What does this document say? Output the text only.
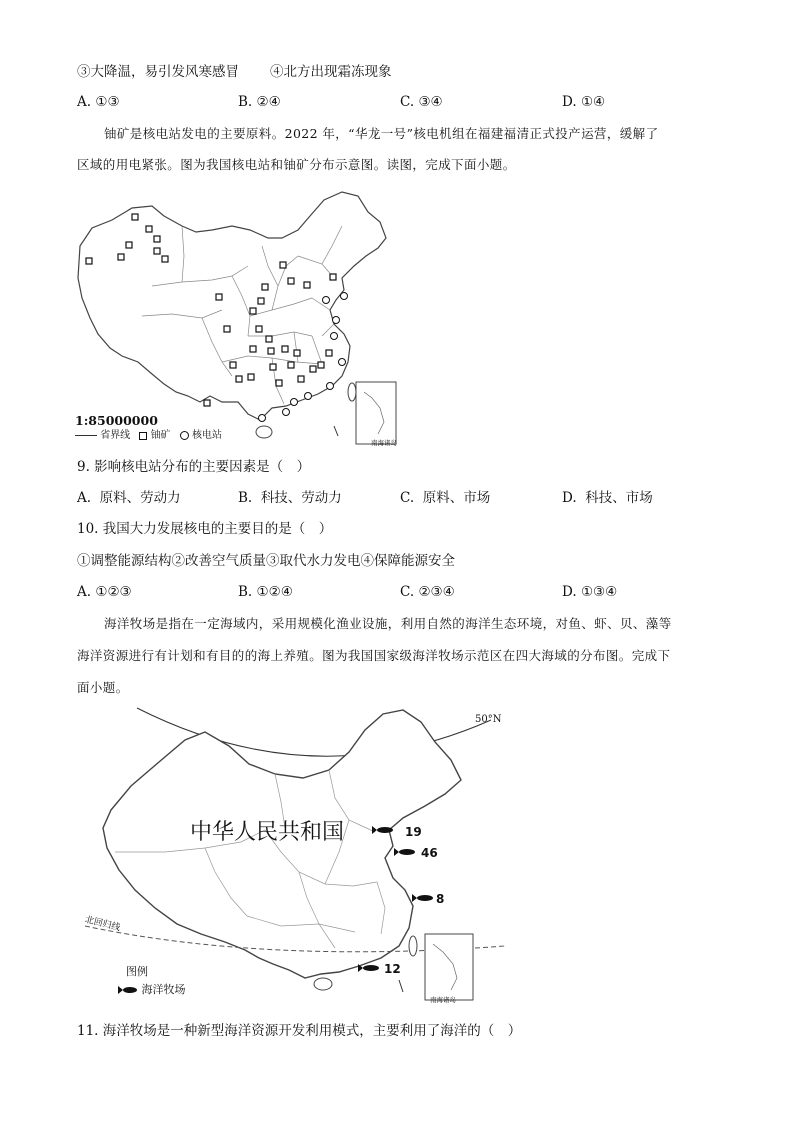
③大降温，易引发风寒感冒 ④北方出现霜冻现象
A. ①③	B. ②④	C. ③④	D. ①④
铀矿是核电站发电的主要原料。2022 年，“华龙一号”核电机组在福建福清正式投产运营，缓解了
区域的用电紧张。图为我国核电站和铀矿分布示意图。读图，完成下面小题。
1:85000000
省界线 铀矿 核电站
南海诸岛
9. 影响核电站分布的主要因素是（　）
A. 原料、劳动力	B. 科技、劳动力	C. 原料、市场	D. 科技、市场
10. 我国大力发展核电的主要目的是（　）
①调整能源结构②改善空气质量③取代水力发电④保障能源安全
A. ①②③	B. ①②④	C. ②③④	D. ①③④
海洋牧场是指在一定海域内，采用规模化渔业设施，利用自然的海洋生态环境，对鱼、虾、贝、藻等
海洋资源进行有计划和有目的的海上养殖。图为我国国家级海洋牧场示范区在四大海域的分布图。完成下
面小题。
中华人民共和国
50°N
北回归线
19
46
8
12
南海诸岛
图例
海洋牧场
11. 海洋牧场是一种新型海洋资源开发利用模式，主要利用了海洋的（　）
